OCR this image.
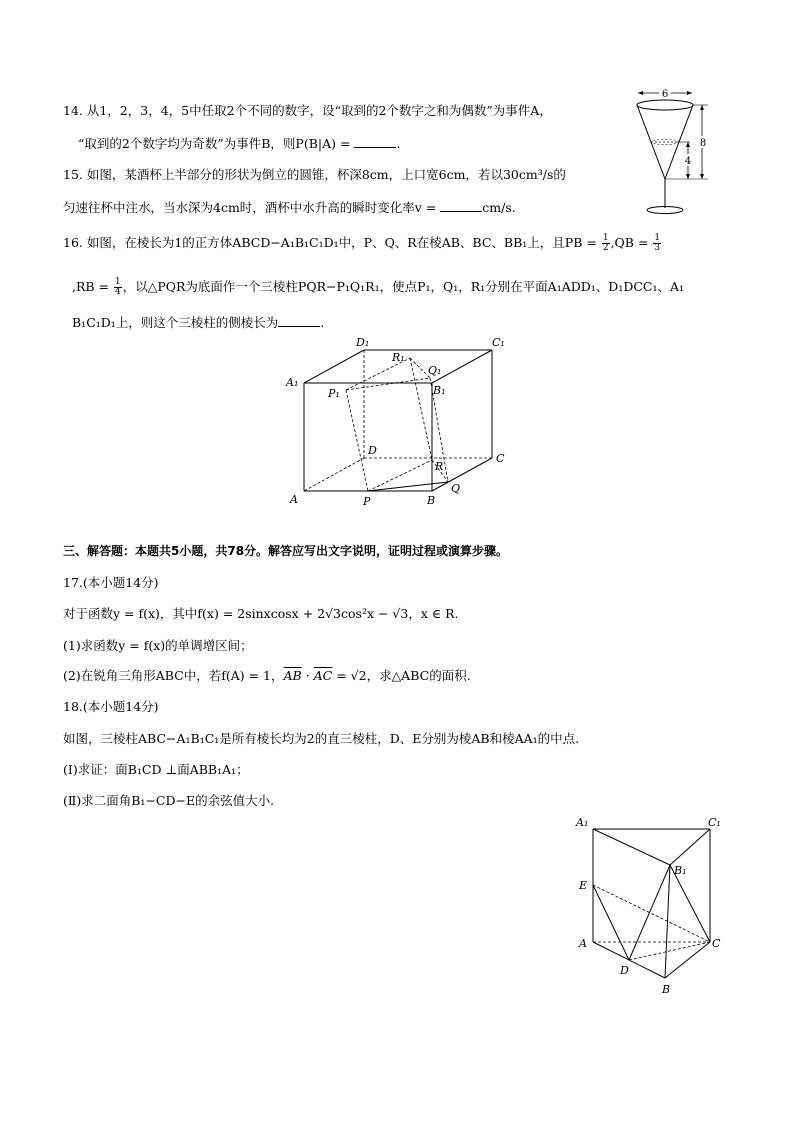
14. 从1，2，3，4，5中任取2个不同的数字，设“取到的2个数字之和为偶数”为事件A，
“取到的2个数字均为奇数”为事件B，则P(B|A) =	.
15. 如图，某酒杯上半部分的形状为倒立的圆锥，杯深8cm，上口宽6cm，若以30cm³/s的
匀速往杯中注水，当水深为4cm时，酒杯中水升高的瞬时变化率v =	cm/s.
6
8
4
16. 如图，在棱长为1的正方体ABCD−A₁B₁C₁D₁中，P、Q、R在棱AB、BC、BB₁上，且PB = $\frac{1}{2} ,QB = \frac{1}{3}$
$,RB = \frac{1}{4}$ ，以△PQR为底面作一个三棱柱PQR−P₁Q₁R₁，使点P₁，Q₁，R₁分别在平面A₁ADD₁、D₁DCC₁、A₁
B₁C₁D₁上，则这个三棱柱的侧棱长为	.
D₁	C₁
A₁
B₁
R₁
Q₁
P₁
D
C
A	B
P
Q
R
三、解答题：本题共5小题，共78分。解答应写出文字说明，证明过程或演算步骤。
17.(本小题14分)
对于函数y = f(x)，其中f(x) = 2sinxcosx + 2√3cos²x − √3，x ∈ R.
(1)求函数y = f(x)的单调增区间；
(2)在锐角三角形ABC中，若f(A) = 1，$\overline{AB} \cdot \overline{AC} = √2$，求△ABC的面积.
18.(本小题14分)
如图，三棱柱ABC−A₁B₁C₁是所有棱长均为2的直三棱柱，D、E分别为棱AB和棱AA₁的中点.
(Ⅰ)求证：面B₁CD ⊥面ABB₁A₁；
(Ⅱ)求二面角B₁−CD−E的余弦值大小.
A₁	C₁
B₁
E
A	C
D
B
